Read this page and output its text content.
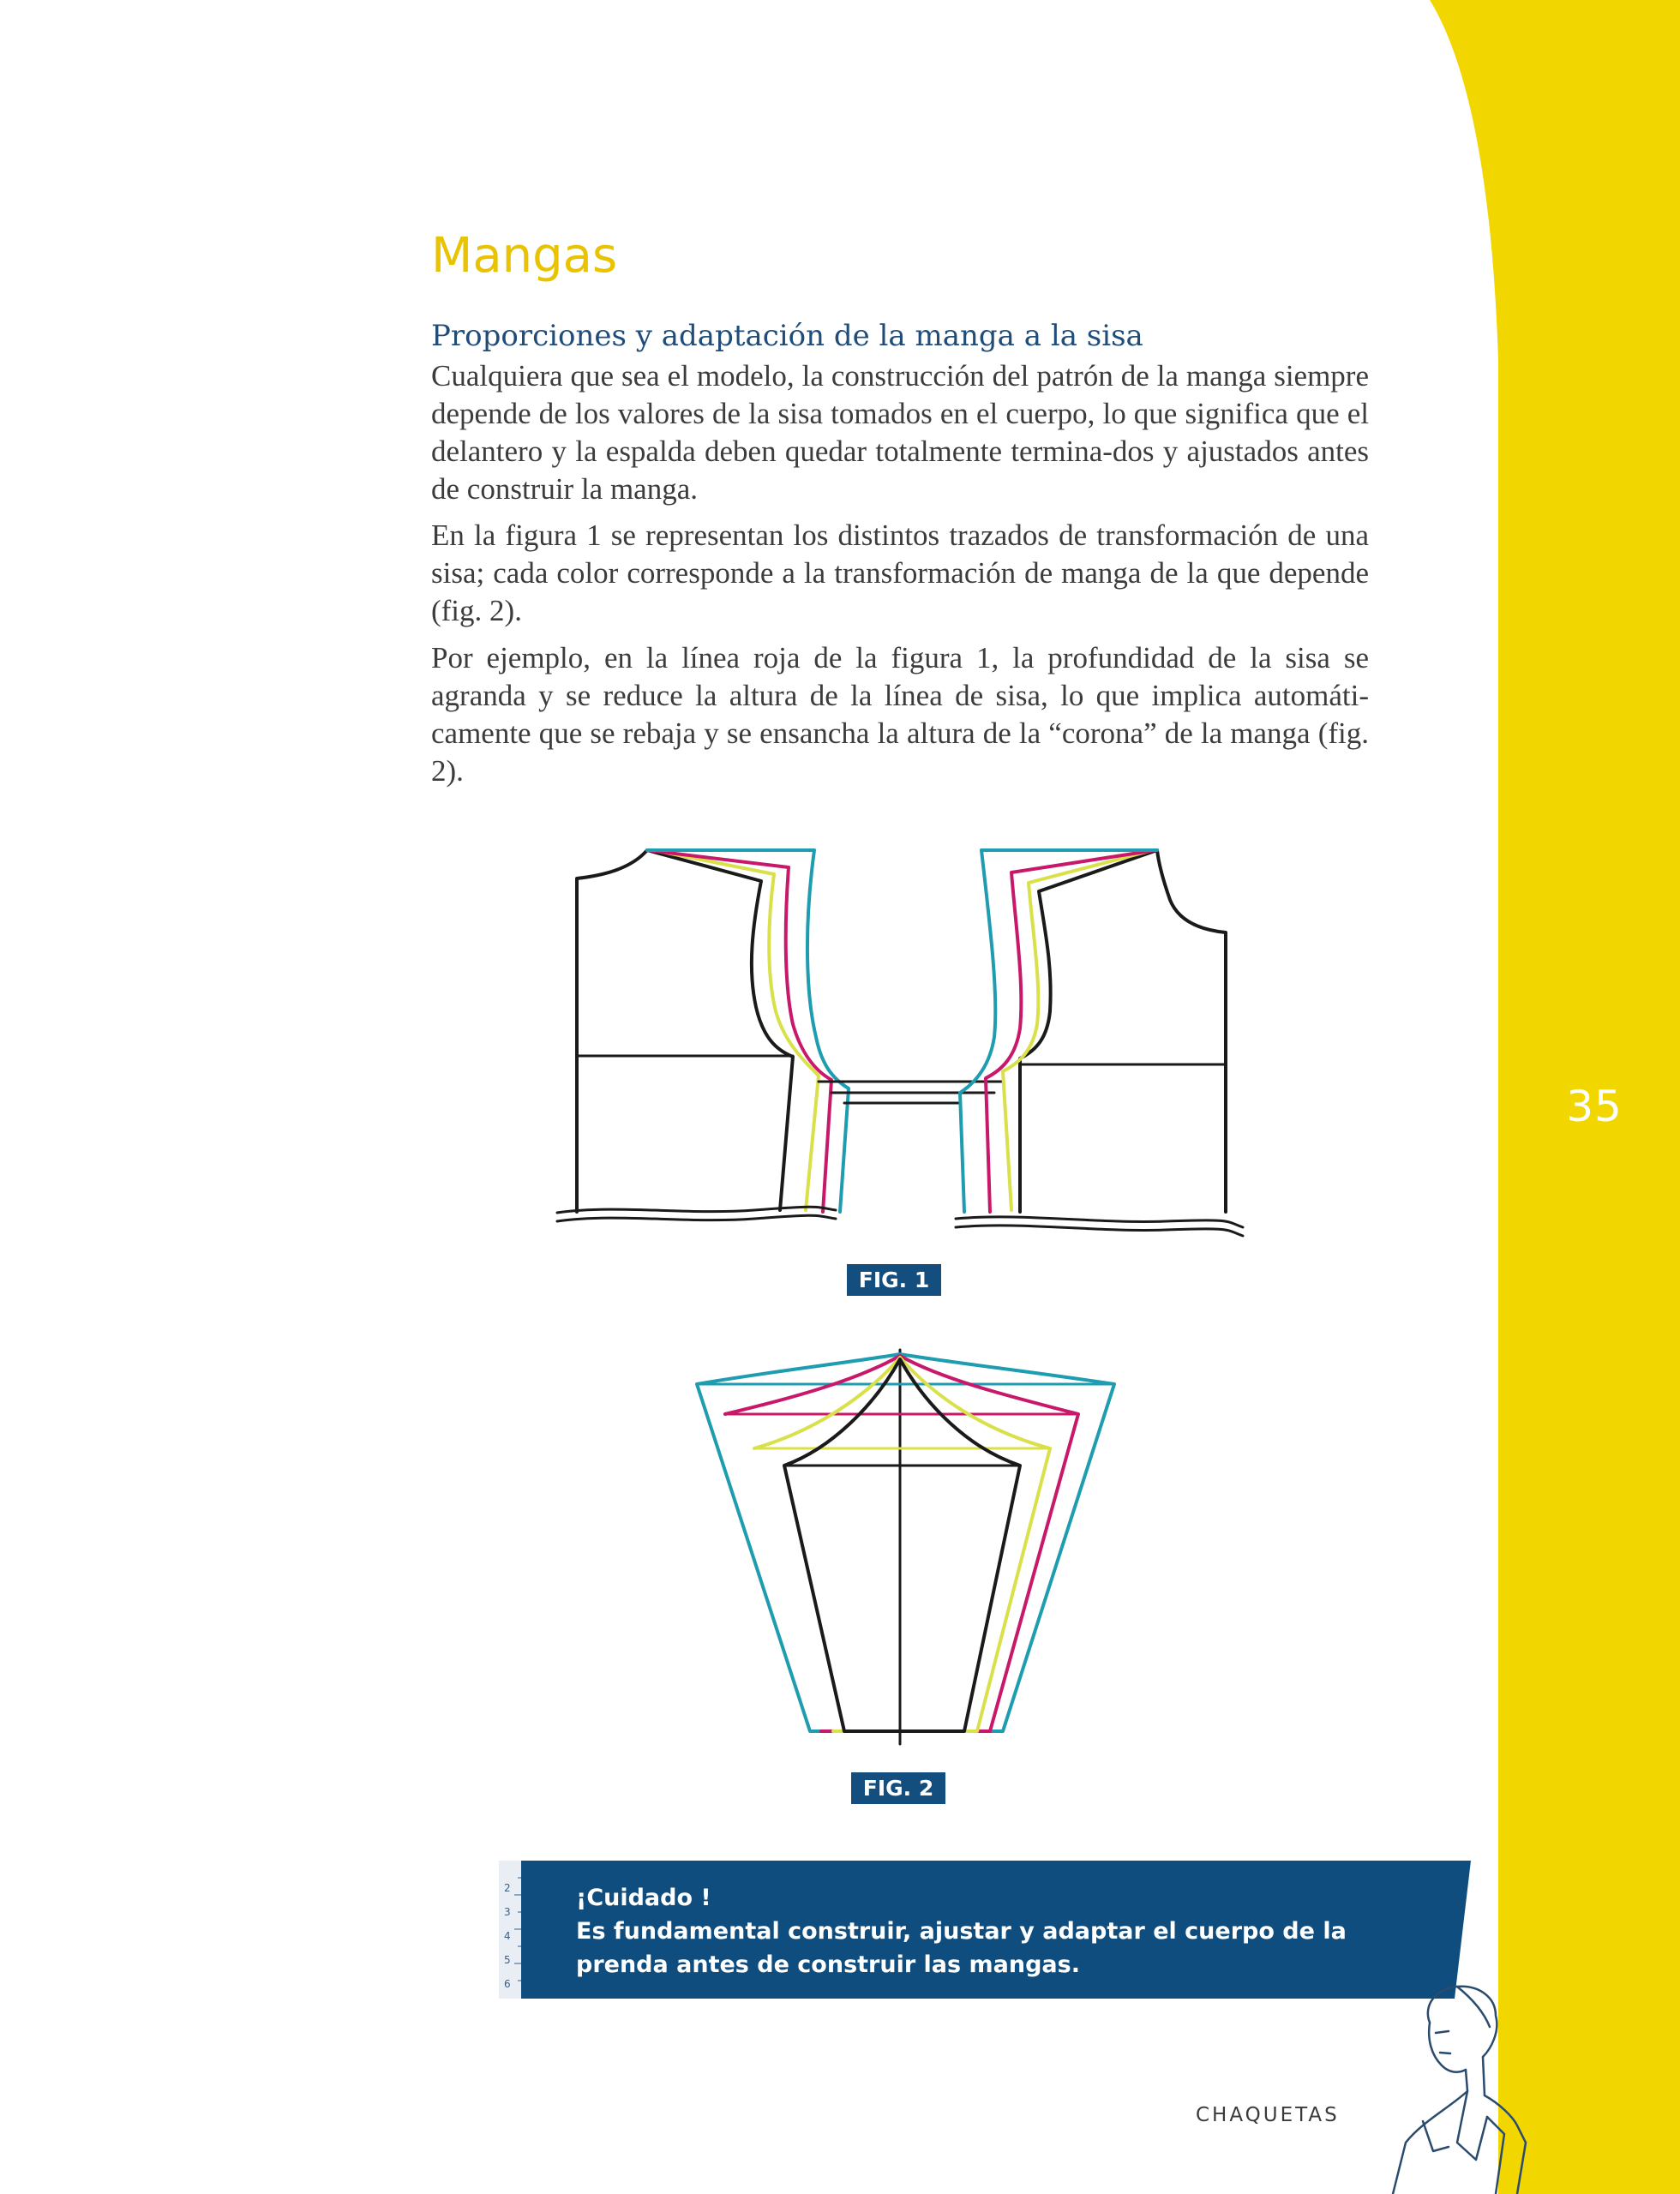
35
Mangas
Proporciones y adaptación de la manga a la sisa

Cualquiera que sea el modelo, la construcción del patrón de la manga siempre depende de los valores de la sisa tomados en el cuerpo, lo que significa que el delantero y la espalda deben quedar totalmente termina-dos y ajustados antes de construir la manga.

En la figura 1 se representan los distintos trazados de transformación de una sisa; cada color corresponde a la transformación de manga de la que depende (fig. 2).

Por ejemplo, en la línea roja de la figura 1, la profundidad de la sisa se agranda y se reduce la altura de la línea de sisa, lo que implica automáti-camente que se rebaja y se ensancha la altura de la “corona” de la manga (fig. 2).

FIG. 1
FIG. 2
2
3
4
5
6
¡Cuidado !
Es fundamental construir, ajustar y adaptar el cuerpo de la prenda antes de construir las mangas.
CHAQUETAS
